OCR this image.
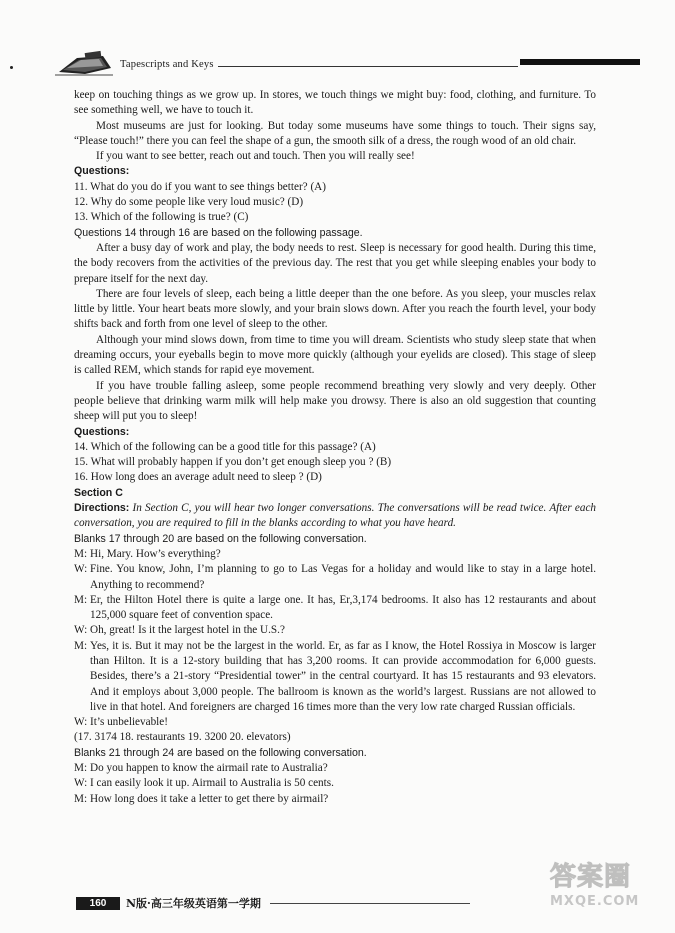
Tapescripts and Keys

keep on touching things as we grow up. In stores, we touch things we might buy: food, clothing, and furniture. To see something well, we have to touch it.

Most museums are just for looking. But today some museums have some things to touch. Their signs say, “Please touch!” there you can feel the shape of a gun, the smooth silk of a dress, the rough wood of an old chair.

If you want to see better, reach out and touch. Then you will really see!

Questions:

11. What do you do if you want to see things better? (A)

12. Why do some people like very loud music? (D)

13. Which of the following is true? (C)

Questions 14 through 16 are based on the following passage.

After a busy day of work and play, the body needs to rest. Sleep is necessary for good health. During this time, the body recovers from the activities of the previous day. The rest that you get while sleeping enables your body to prepare itself for the next day.

There are four levels of sleep, each being a little deeper than the one before. As you sleep, your muscles relax little by little. Your heart beats more slowly, and your brain slows down. After you reach the fourth level, your body shifts back and forth from one level of sleep to the other.

Although your mind slows down, from time to time you will dream. Scientists who study sleep state that when dreaming occurs, your eyeballs begin to move more quickly (although your eyelids are closed). This stage of sleep is called REM, which stands for rapid eye movement.

If you have trouble falling asleep, some people recommend breathing very slowly and very deeply. Other people believe that drinking warm milk will help make you drowsy. There is also an old suggestion that counting sheep will put you to sleep!

Questions:

14. Which of the following can be a good title for this passage? (A)

15. What will probably happen if you don’t get enough sleep you ? (B)

16. How long does an average adult need to sleep ? (D)

Section C

Directions: In Section C, you will hear two longer conversations. The conversations will be read twice. After each conversation, you are required to fill in the blanks according to what you have heard.

Blanks 17 through 20 are based on the following conversation.

M: Hi, Mary. How’s everything?
W: Fine. You know, John, I’m planning to go to Las Vegas for a holiday and would like to stay in a large hotel. Anything to recommend?
M: Er, the Hilton Hotel there is quite a large one. It has, Er,3,174 bedrooms. It also has 12 restaurants and about 125,000 square feet of convention space.
W: Oh, great! Is it the largest hotel in the U.S.?
M: Yes, it is. But it may not be the largest in the world. Er, as far as I know, the Hotel Rossiya in Moscow is larger than Hilton. It is a 12-story building that has 3,200 rooms. It can provide accommodation for 6,000 guests. Besides, there’s a 21-story “Presidential tower” in the central courtyard. It has 15 restaurants and 93 elevators. And it employs about 3,000 people. The ballroom is known as the world’s largest. Russians are not allowed to live in that hotel. And foreigners are charged 16 times more than the very low rate charged Russian officials.
W: It’s unbelievable!

(17. 3174 18. restaurants 19. 3200 20. elevators)

Blanks 21 through 24 are based on the following conversation.

M: Do you happen to know the airmail rate to Australia?
W: I can easily look it up. Airmail to Australia is 50 cents.
M: How long does it take a letter to get there by airmail?
160	N版·高三年级英语第一学期
答案圈
MXQE.COM
